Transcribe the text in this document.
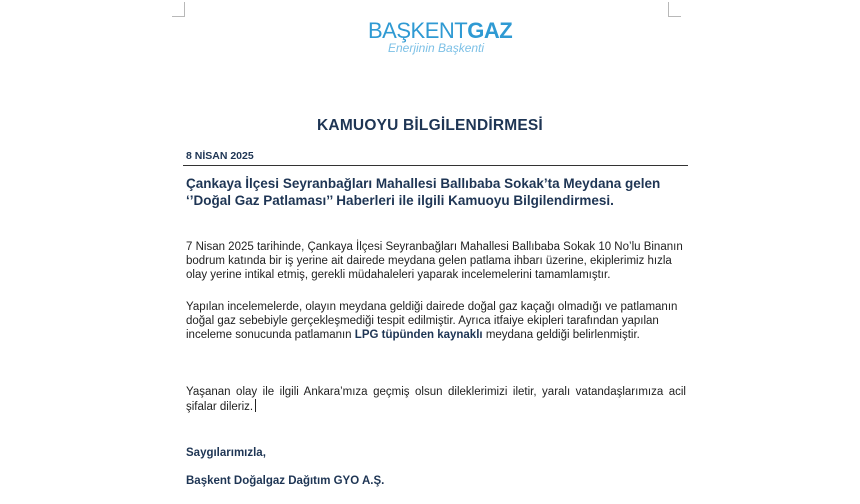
BAŞKENTGAZ
Enerjinin Başkenti
KAMUOYU BİLGİLENDİRMESİ
8 NİSAN 2025
Çankaya İlçesi Seyranbağları Mahallesi Ballıbaba Sokak’ta Meydana gelen ‘’Doğal Gaz Patlaması’’ Haberleri ile ilgili Kamuoyu Bilgilendirmesi.
7 Nisan 2025 tarihinde, Çankaya İlçesi Seyranbağları Mahallesi Ballıbaba Sokak 10 No’lu Binanın bodrum katında bir iş yerine ait dairede meydana gelen patlama ihbarı üzerine, ekiplerimiz hızla olay yerine intikal etmiş, gerekli müdahaleleri yaparak incelemelerini tamamlamıştır.
Yapılan incelemelerde, olayın meydana geldiği dairede doğal gaz kaçağı olmadığı ve patlamanın doğal gaz sebebiyle gerçekleşmediği tespit edilmiştir. Ayrıca itfaiye ekipleri tarafından yapılan inceleme sonucunda patlamanın LPG tüpünden kaynaklı meydana geldiği belirlenmiştir.
Yaşanan olay ile ilgili Ankara’mıza geçmiş olsun dileklerimizi iletir, yaralı vatandaşlarımıza acil şifalar dileriz.
Saygılarımızla,
Başkent Doğalgaz Dağıtım GYO A.Ş.
